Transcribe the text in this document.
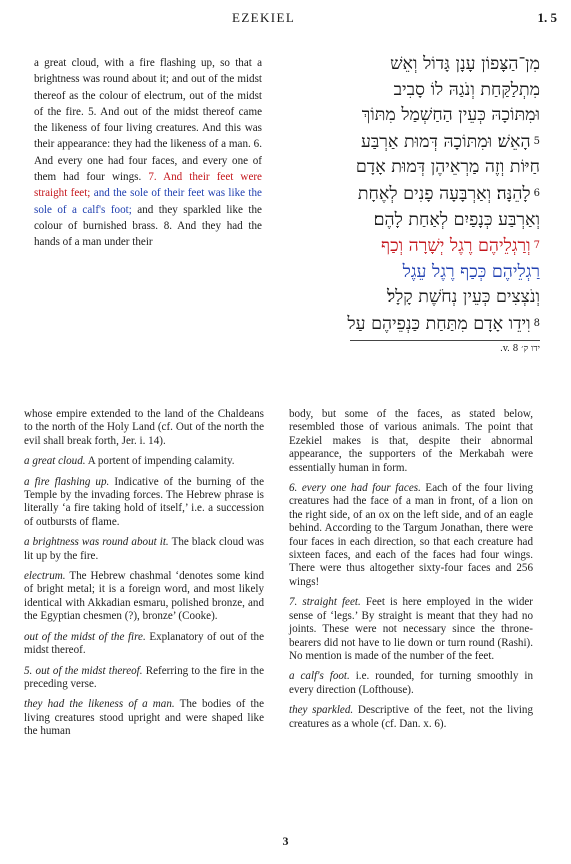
EZEKIEL	1. 5

a great cloud, with a fire flashing up, so that a brightness was round about it; and out of the midst thereof as the colour of electrum, out of the midst of the fire. 5. And out of the midst thereof came the likeness of four living creatures. And this was their appearance: they had the likeness of a man. 6. And every one had four faces, and every one of them had four wings. 7. And their feet were straight feet; and the sole of their feet was like the sole of a calf's foot; and they sparkled like the colour of burnished brass. 8. And they had the hands of a man under their

מִן־הַצָּפוֹן עָנָן גָּדוֹל וְאֵשׁ
מִתְלַקַּחַת וְנֹגַהּ לוֹ סָבִיב
וּמִתּוֹכָהּ כְּעֵין הַחַשְׁמַל מִתּוֹךְ
5הָאֵשׁ׃ וּמִתּוֹכָהּ דְּמוּת אַרְבַּע
חַיּוֹת וְזֶה מַרְאֵיהֶן דְּמוּת אָדָם
6לָהֵנָּה׃ וְאַרְבָּעָה פָנִים לְאֶחָת
וְאַרְבַּע כְּנָפַיִם לְאַחַת לָהֶם׃
7וְרַגְלֵיהֶם רֶגֶל יְשָׁרָה וְכַף
רַגְלֵיהֶם כְּכַף רֶגֶל עֵגֶל
וְנֹצְצִים כְּעֵין נְחֹשֶׁת קָלָל׃
8וִידֵו אָדָם מִתַּחַת כַּנְפֵיהֶם עַל
ידו ק׳ v. 8.

whose empire extended to the land of the Chaldeans to the north of the Holy Land (cf. Out of the north the evil shall break forth, Jer. i. 14).

a great cloud. A portent of impending calamity.

a fire flashing up. Indicative of the burning of the Temple by the invading forces. The Hebrew phrase is literally ‘a fire taking hold of itself,’ i.e. a succession of outbursts of flame.

a brightness was round about it. The black cloud was lit up by the fire.

electrum. The Hebrew chashmal ‘denotes some kind of bright metal; it is a foreign word, and most likely identical with Akkadian esmaru, polished bronze, and the Egyptian chesmen (?), bronze’ (Cooke).

out of the midst of the fire. Explanatory of out of the midst thereof.

5. out of the midst thereof. Referring to the fire in the preceding verse.

they had the likeness of a man. The bodies of the living creatures stood upright and were shaped like the human

body, but some of the faces, as stated below, resembled those of various animals. The point that Ezekiel makes is that, despite their abnormal appearance, the supporters of the Merkabah were essentially human in form.

6. every one had four faces. Each of the four living creatures had the face of a man in front, of a lion on the right side, of an ox on the left side, and of an eagle behind. According to the Targum Jonathan, there were four faces in each direction, so that each creature had sixteen faces, and each of the faces had four wings. There were thus altogether sixty-four faces and 256 wings!

7. straight feet. Feet is here employed in the wider sense of ‘legs.’ By straight is meant that they had no joints. These were not necessary since the throne-bearers did not have to lie down or turn round (Rashi). No mention is made of the number of the feet.

a calf's foot. i.e. rounded, for turning smoothly in every direction (Lofthouse).

they sparkled. Descriptive of the feet, not the living creatures as a whole (cf. Dan. x. 6).

3
